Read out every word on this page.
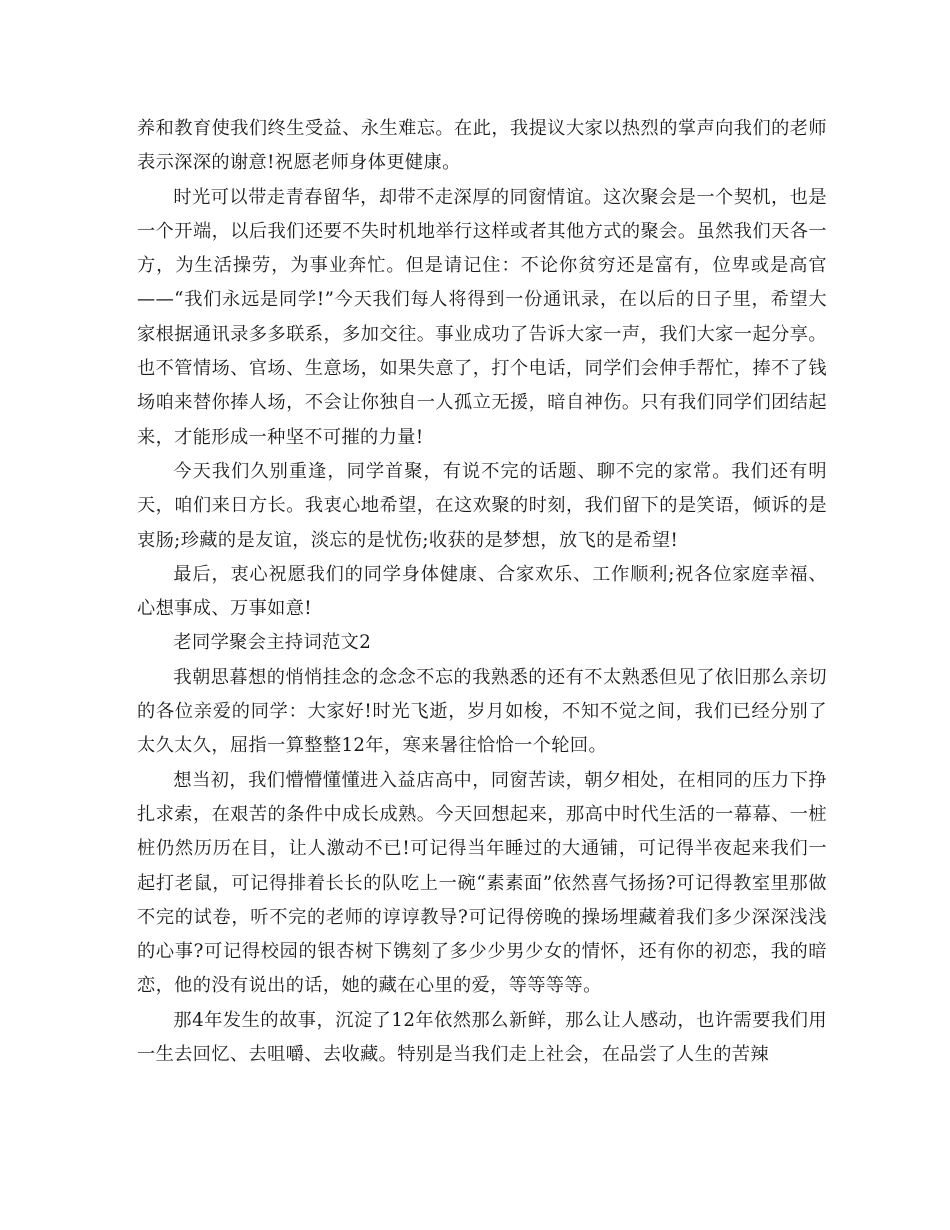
养和教育使我们终生受益、永生难忘。在此，我提议大家以热烈的掌声向我们的老师表示深深的谢意!祝愿老师身体更健康。

时光可以带走青春留华，却带不走深厚的同窗情谊。这次聚会是一个契机，也是一个开端，以后我们还要不失时机地举行这样或者其他方式的聚会。虽然我们天各一方，为生活操劳，为事业奔忙。但是请记住：不论你贫穷还是富有，位卑或是高官——“我们永远是同学!”今天我们每人将得到一份通讯录，在以后的日子里，希望大家根据通讯录多多联系，多加交往。事业成功了告诉大家一声，我们大家一起分享。也不管情场、官场、生意场，如果失意了，打个电话，同学们会伸手帮忙，捧不了钱场咱来替你捧人场，不会让你独自一人孤立无援，暗自神伤。只有我们同学们团结起来，才能形成一种坚不可摧的力量!

今天我们久别重逢，同学首聚，有说不完的话题、聊不完的家常。我们还有明天，咱们来日方长。我衷心地希望，在这欢聚的时刻，我们留下的是笑语，倾诉的是衷肠;珍藏的是友谊，淡忘的是忧伤;收获的是梦想，放飞的是希望!

最后，衷心祝愿我们的同学身体健康、合家欢乐、工作顺利;祝各位家庭幸福、心想事成、万事如意!

老同学聚会主持词范文2

我朝思暮想的悄悄挂念的念念不忘的我熟悉的还有不太熟悉但见了依旧那么亲切的各位亲爱的同学：大家好!时光飞逝，岁月如梭，不知不觉之间，我们已经分别了太久太久，屈指一算整整12年，寒来暑往恰恰一个轮回。

想当初，我们懵懵懂懂进入益店高中，同窗苦读，朝夕相处，在相同的压力下挣扎求索，在艰苦的条件中成长成熟。今天回想起来，那高中时代生活的一幕幕、一桩桩仍然历历在目，让人激动不已!可记得当年睡过的大通铺，可记得半夜起来我们一起打老鼠，可记得排着长长的队吃上一碗“素素面”依然喜气扬扬?可记得教室里那做不完的试卷，听不完的老师的谆谆教导?可记得傍晚的操场埋藏着我们多少深深浅浅的心事?可记得校园的银杏树下镌刻了多少少男少女的情怀，还有你的初恋，我的暗恋，他的没有说出的话，她的藏在心里的爱，等等等等。

那4年发生的故事，沉淀了12年依然那么新鲜，那么让人感动，也许需要我们用一生去回忆、去咀嚼、去收藏。特别是当我们走上社会，在品尝了人生的苦辣
